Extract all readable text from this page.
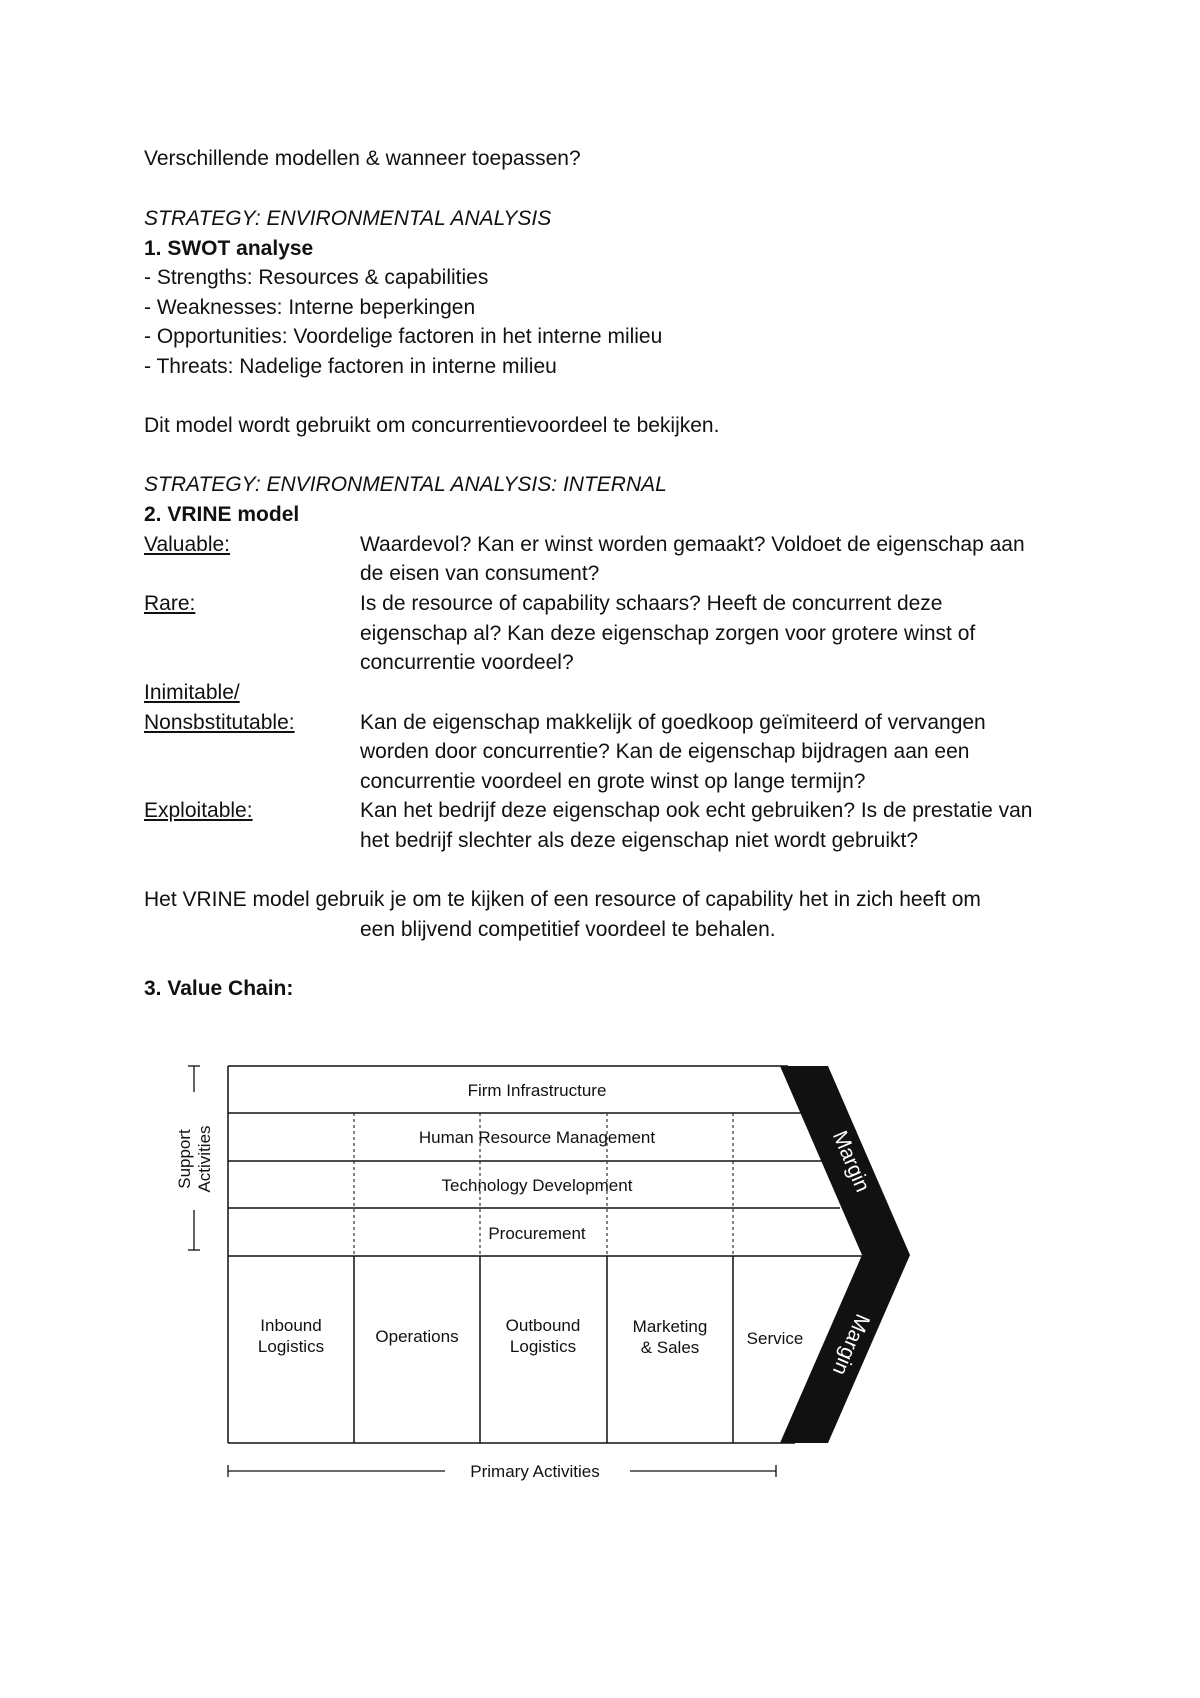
Verschillende modellen & wanneer toepassen?
STRATEGY: ENVIRONMENTAL ANALYSIS
1. SWOT analyse
- Strengths: Resources & capabilities
- Weaknesses: Interne beperkingen
- Opportunities: Voordelige factoren in het interne milieu
- Threats: Nadelige factoren in interne milieu
Dit model wordt gebruikt om concurrentievoordeel te bekijken.
STRATEGY: ENVIRONMENTAL ANALYSIS: INTERNAL
2. VRINE model
Valuable:	Waardevol? Kan er winst worden gemaakt? Voldoet de eigenschap aan
de eisen van consument?
Rare:	Is de resource of capability schaars? Heeft de concurrent deze
eigenschap al? Kan deze eigenschap zorgen voor grotere winst of
concurrentie voordeel?
Inimitable/
Nonsbstitutable:	Kan de eigenschap makkelijk of goedkoop geïmiteerd of vervangen
worden door concurrentie? Kan de eigenschap bijdragen aan een
concurrentie voordeel en grote winst op lange termijn?
Exploitable:	Kan het bedrijf deze eigenschap ook echt gebruiken? Is de prestatie van
het bedrijf slechter als deze eigenschap niet wordt gebruikt?
Het VRINE model gebruik je om te kijken of een resource of capability het in zich heeft om
een blijvend competitief voordeel te behalen.
3. Value Chain:
Margin
Margin
Firm Infrastructure
Human Resource Management
Technology Development
Procurement
Inbound
Logistics
Operations
Outbound
Logistics
Marketing
& Sales	Service
Support Activities
Primary Activities
